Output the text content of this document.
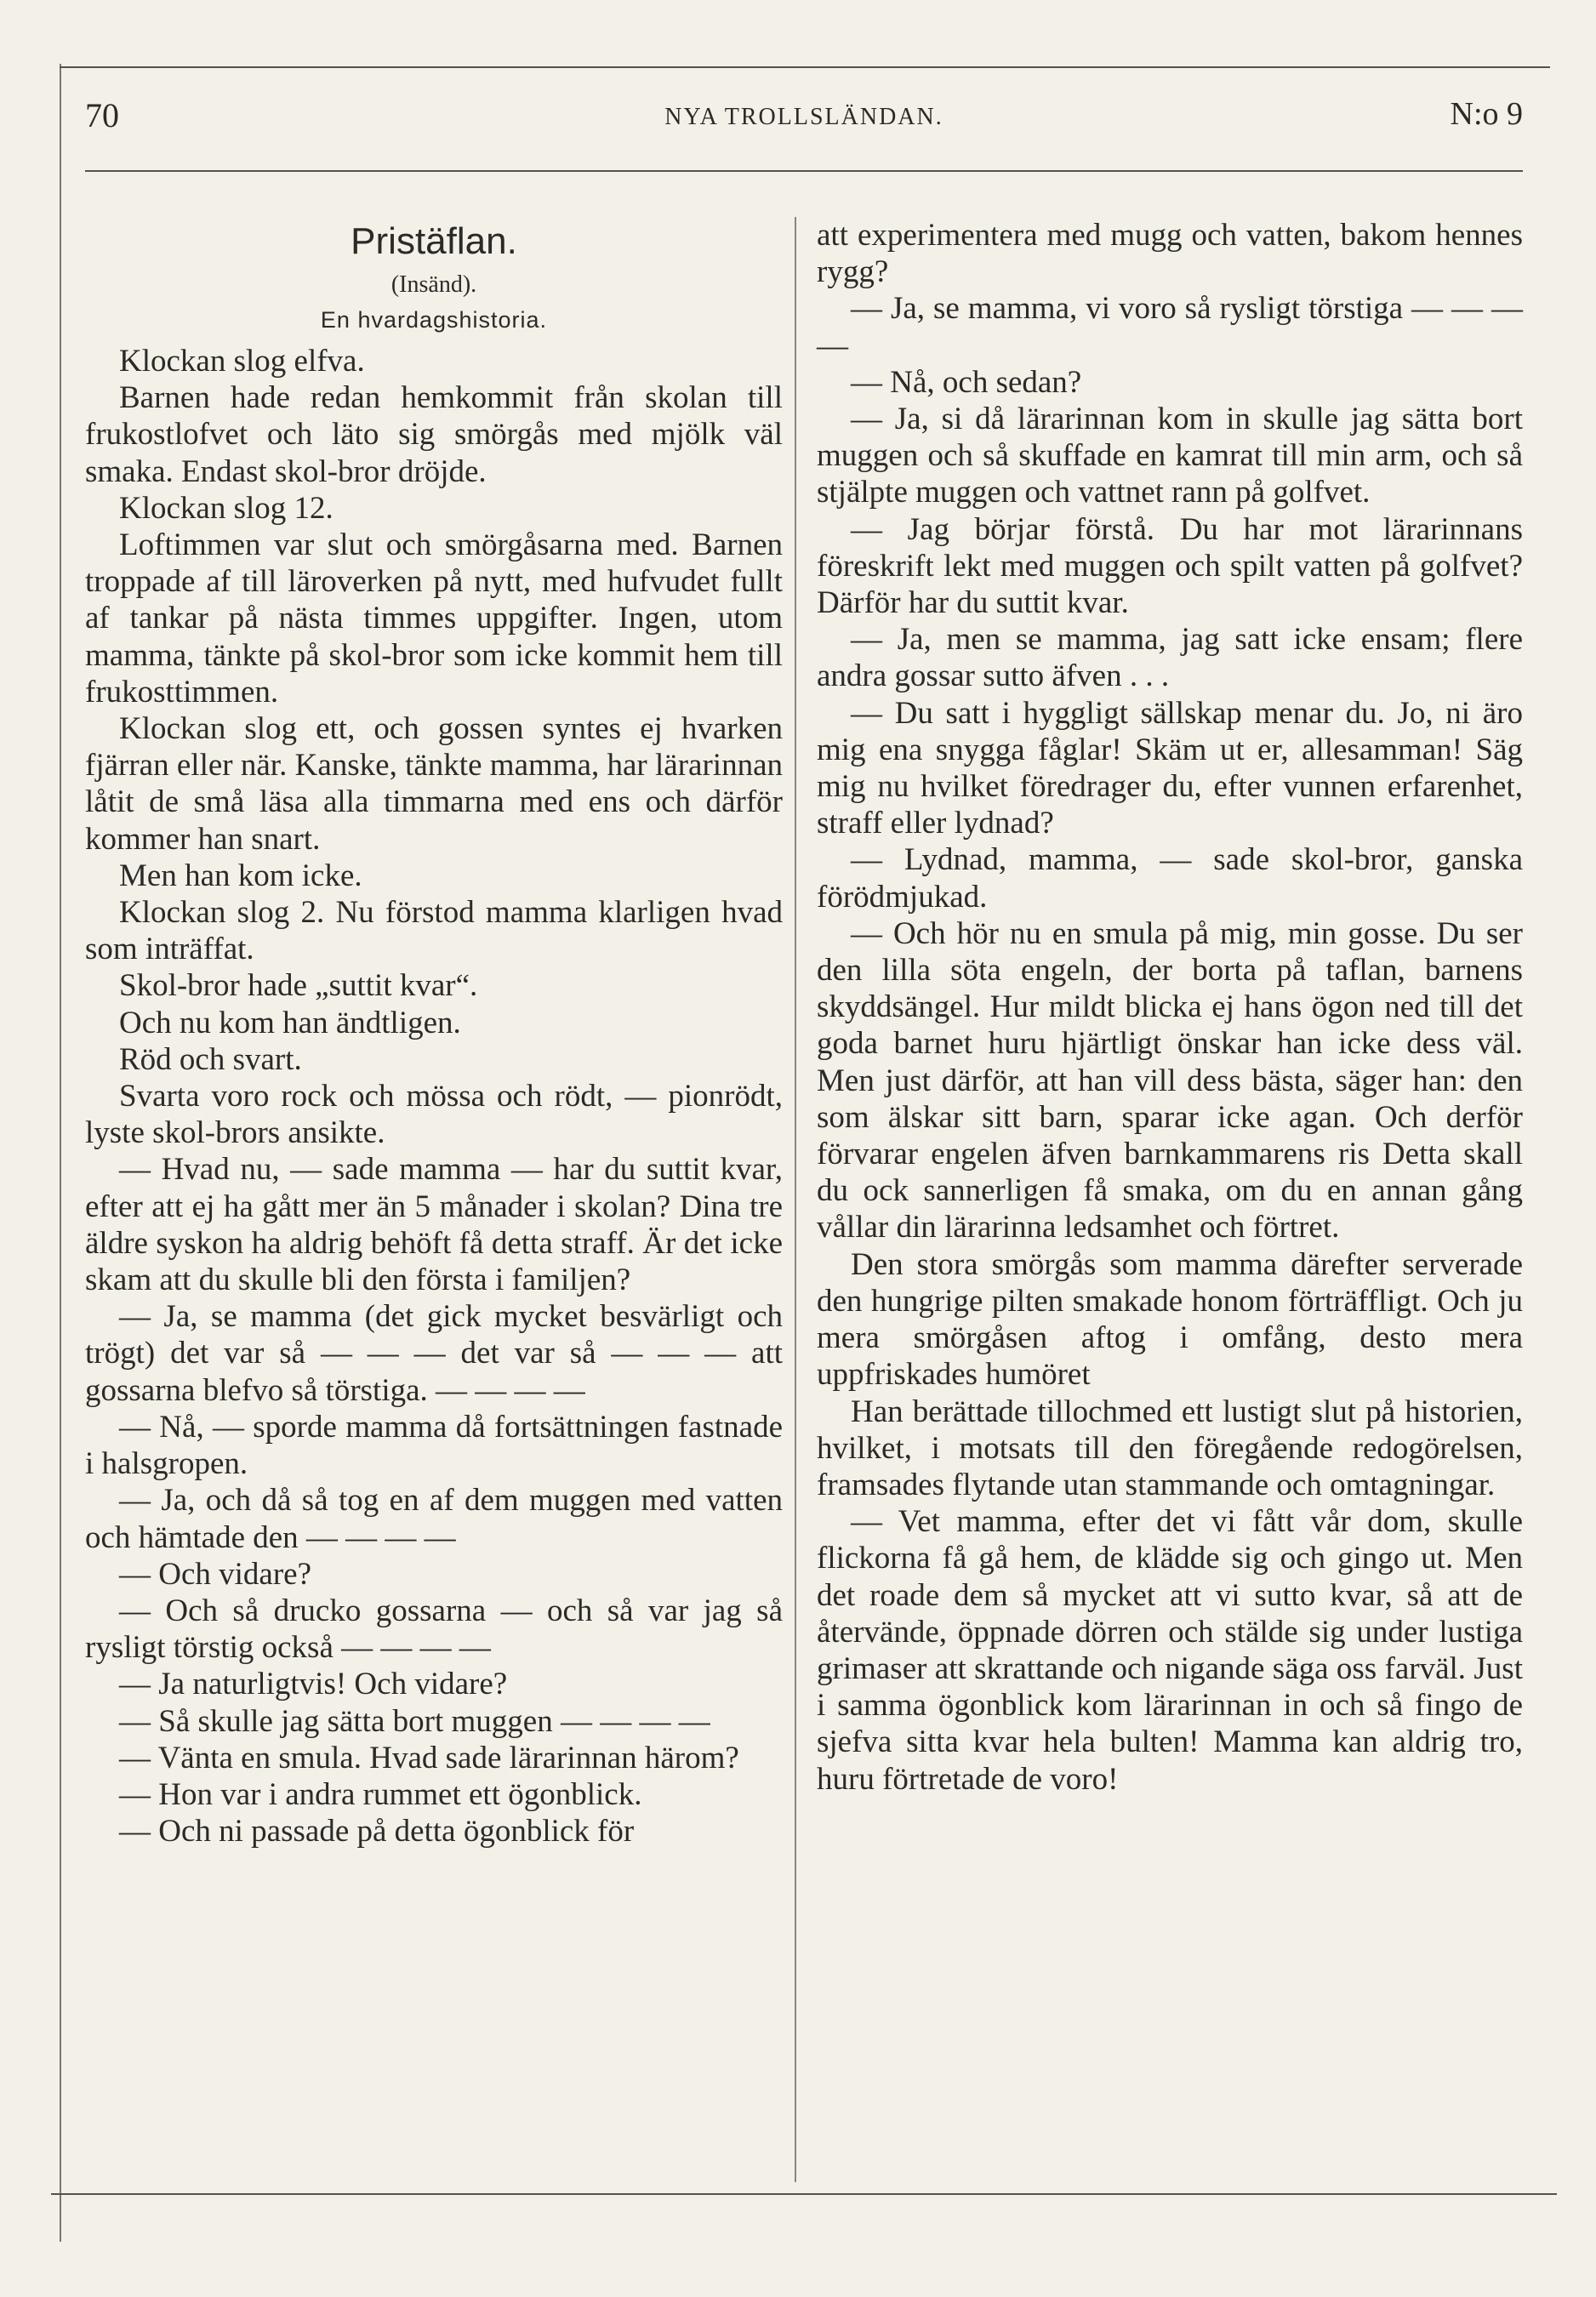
70	NYA TROLLSLÄNDAN.	N:o 9
Pristäflan.
(Insänd).
En hvardagshistoria.

Klockan slog elfva.

Barnen hade redan hemkommit från skolan till frukostlofvet och läto sig smörgås med mjölk väl smaka. Endast skol-bror dröjde.

Klockan slog 12.

Loftimmen var slut och smörgåsarna med. Barnen troppade af till läroverken på nytt, med hufvudet fullt af tankar på nästa timmes uppgifter. Ingen, utom mamma, tänkte på skol-bror som icke kommit hem till frukosttimmen.

Klockan slog ett, och gossen syntes ej hvarken fjärran eller när. Kanske, tänkte mamma, har lärarinnan låtit de små läsa alla timmarna med ens och därför kommer han snart.

Men han kom icke.

Klockan slog 2. Nu förstod mamma klarligen hvad som inträffat.

Skol-bror hade „suttit kvar“.

Och nu kom han ändtligen.

Röd och svart.

Svarta voro rock och mössa och rödt, — pionrödt, lyste skol-brors ansikte.

— Hvad nu, — sade mamma — har du suttit kvar, efter att ej ha gått mer än 5 månader i skolan? Dina tre äldre syskon ha aldrig behöft få detta straff. Är det icke skam att du skulle bli den första i familjen?

— Ja, se mamma (det gick mycket besvärligt och trögt) det var så — — — det var så — — — att gossarna blefvo så törstiga. — — — —

— Nå, — sporde mamma då fortsättningen fastnade i halsgropen.

— Ja, och då så tog en af dem muggen med vatten och hämtade den — — — —

— Och vidare?

— Och så drucko gossarna — och så var jag så rysligt törstig också — — — —

— Ja naturligtvis! Och vidare?

— Så skulle jag sätta bort muggen — — — —

— Vänta en smula. Hvad sade lärarinnan härom?

— Hon var i andra rummet ett ögonblick.

— Och ni passade på detta ögonblick för

att experimentera med mugg och vatten, bakom hennes rygg?

— Ja, se mamma, vi voro så rysligt törstiga — — — —

— Nå, och sedan?

— Ja, si då lärarinnan kom in skulle jag sätta bort muggen och så skuffade en kamrat till min arm, och så stjälpte muggen och vattnet rann på golfvet.

— Jag börjar förstå. Du har mot lärarinnans föreskrift lekt med muggen och spilt vatten på golfvet? Därför har du suttit kvar.

— Ja, men se mamma, jag satt icke ensam; flere andra gossar sutto äfven . . .

— Du satt i hyggligt sällskap menar du. Jo, ni äro mig ena snygga fåglar! Skäm ut er, allesamman! Säg mig nu hvilket föredrager du, efter vunnen erfarenhet, straff eller lydnad?

— Lydnad, mamma, — sade skol-bror, ganska förödmjukad.

— Och hör nu en smula på mig, min gosse. Du ser den lilla söta engeln, der borta på taflan, barnens skyddsängel. Hur mildt blicka ej hans ögon ned till det goda barnet huru hjärtligt önskar han icke dess väl. Men just därför, att han vill dess bästa, säger han: den som älskar sitt barn, sparar icke agan. Och derför förvarar engelen äfven barnkammarens ris Detta skall du ock sannerligen få smaka, om du en annan gång vållar din lärarinna ledsamhet och förtret.

Den stora smörgås som mamma därefter serverade den hungrige pilten smakade honom förträffligt. Och ju mera smörgåsen aftog i omfång, desto mera uppfriskades humöret

Han berättade tillochmed ett lustigt slut på historien, hvilket, i motsats till den föregående redogörelsen, framsades flytande utan stammande och omtagningar.

— Vet mamma, efter det vi fått vår dom, skulle flickorna få gå hem, de klädde sig och gingo ut. Men det roade dem så mycket att vi sutto kvar, så att de återvände, öppnade dörren och stälde sig under lustiga grimaser att skrattande och nigande säga oss farväl. Just i samma ögonblick kom lärarinnan in och så fingo de sjefva sitta kvar hela bulten! Mamma kan aldrig tro, huru förtretade de voro!
